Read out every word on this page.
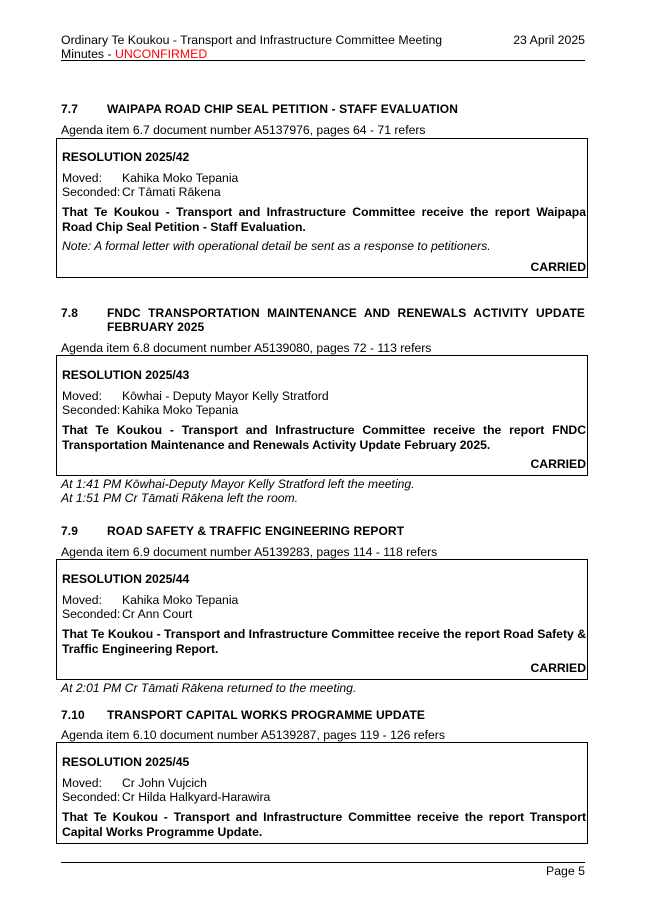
Ordinary Te Koukou - Transport and Infrastructure Committee Meeting
Minutes - UNCONFIRMED
23 April 2025
7.7 WAIPAPA ROAD CHIP SEAL PETITION - STAFF EVALUATION
Agenda item 6.7 document number A5137976, pages 64 - 71 refers
RESOLUTION 2025/42
Moved: Kahika Moko Tepania
Seconded: Cr Tāmati Rākena
That Te Koukou - Transport and Infrastructure Committee receive the report Waipapa Road Chip Seal Petition - Staff Evaluation.
Note: A formal letter with operational detail be sent as a response to petitioners.
CARRIED
7.8 FNDC TRANSPORTATION MAINTENANCE AND RENEWALS ACTIVITY UPDATE FEBRUARY 2025
Agenda item 6.8 document number A5139080, pages 72 - 113 refers
RESOLUTION 2025/43
Moved: Kōwhai - Deputy Mayor Kelly Stratford
Seconded: Kahika Moko Tepania
That Te Koukou - Transport and Infrastructure Committee receive the report FNDC Transportation Maintenance and Renewals Activity Update February 2025.
CARRIED
At 1:41 PM Kōwhai-Deputy Mayor Kelly Stratford left the meeting.
At 1:51 PM Cr Tāmati Rākena left the room.
7.9 ROAD SAFETY & TRAFFIC ENGINEERING REPORT
Agenda item 6.9 document number A5139283, pages 114 - 118 refers
RESOLUTION 2025/44
Moved: Kahika Moko Tepania
Seconded: Cr Ann Court
That Te Koukou - Transport and Infrastructure Committee receive the report Road Safety & Traffic Engineering Report.
CARRIED
At 2:01 PM Cr Tāmati Rākena returned to the meeting.
7.10 TRANSPORT CAPITAL WORKS PROGRAMME UPDATE
Agenda item 6.10 document number A5139287, pages 119 - 126 refers
RESOLUTION 2025/45
Moved: Cr John Vujcich
Seconded: Cr Hilda Halkyard-Harawira
That Te Koukou - Transport and Infrastructure Committee receive the report Transport Capital Works Programme Update.
Page 5
